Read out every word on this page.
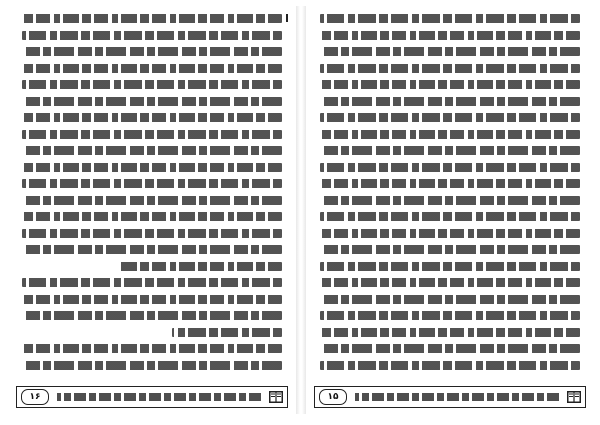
۱۶	۱۵
